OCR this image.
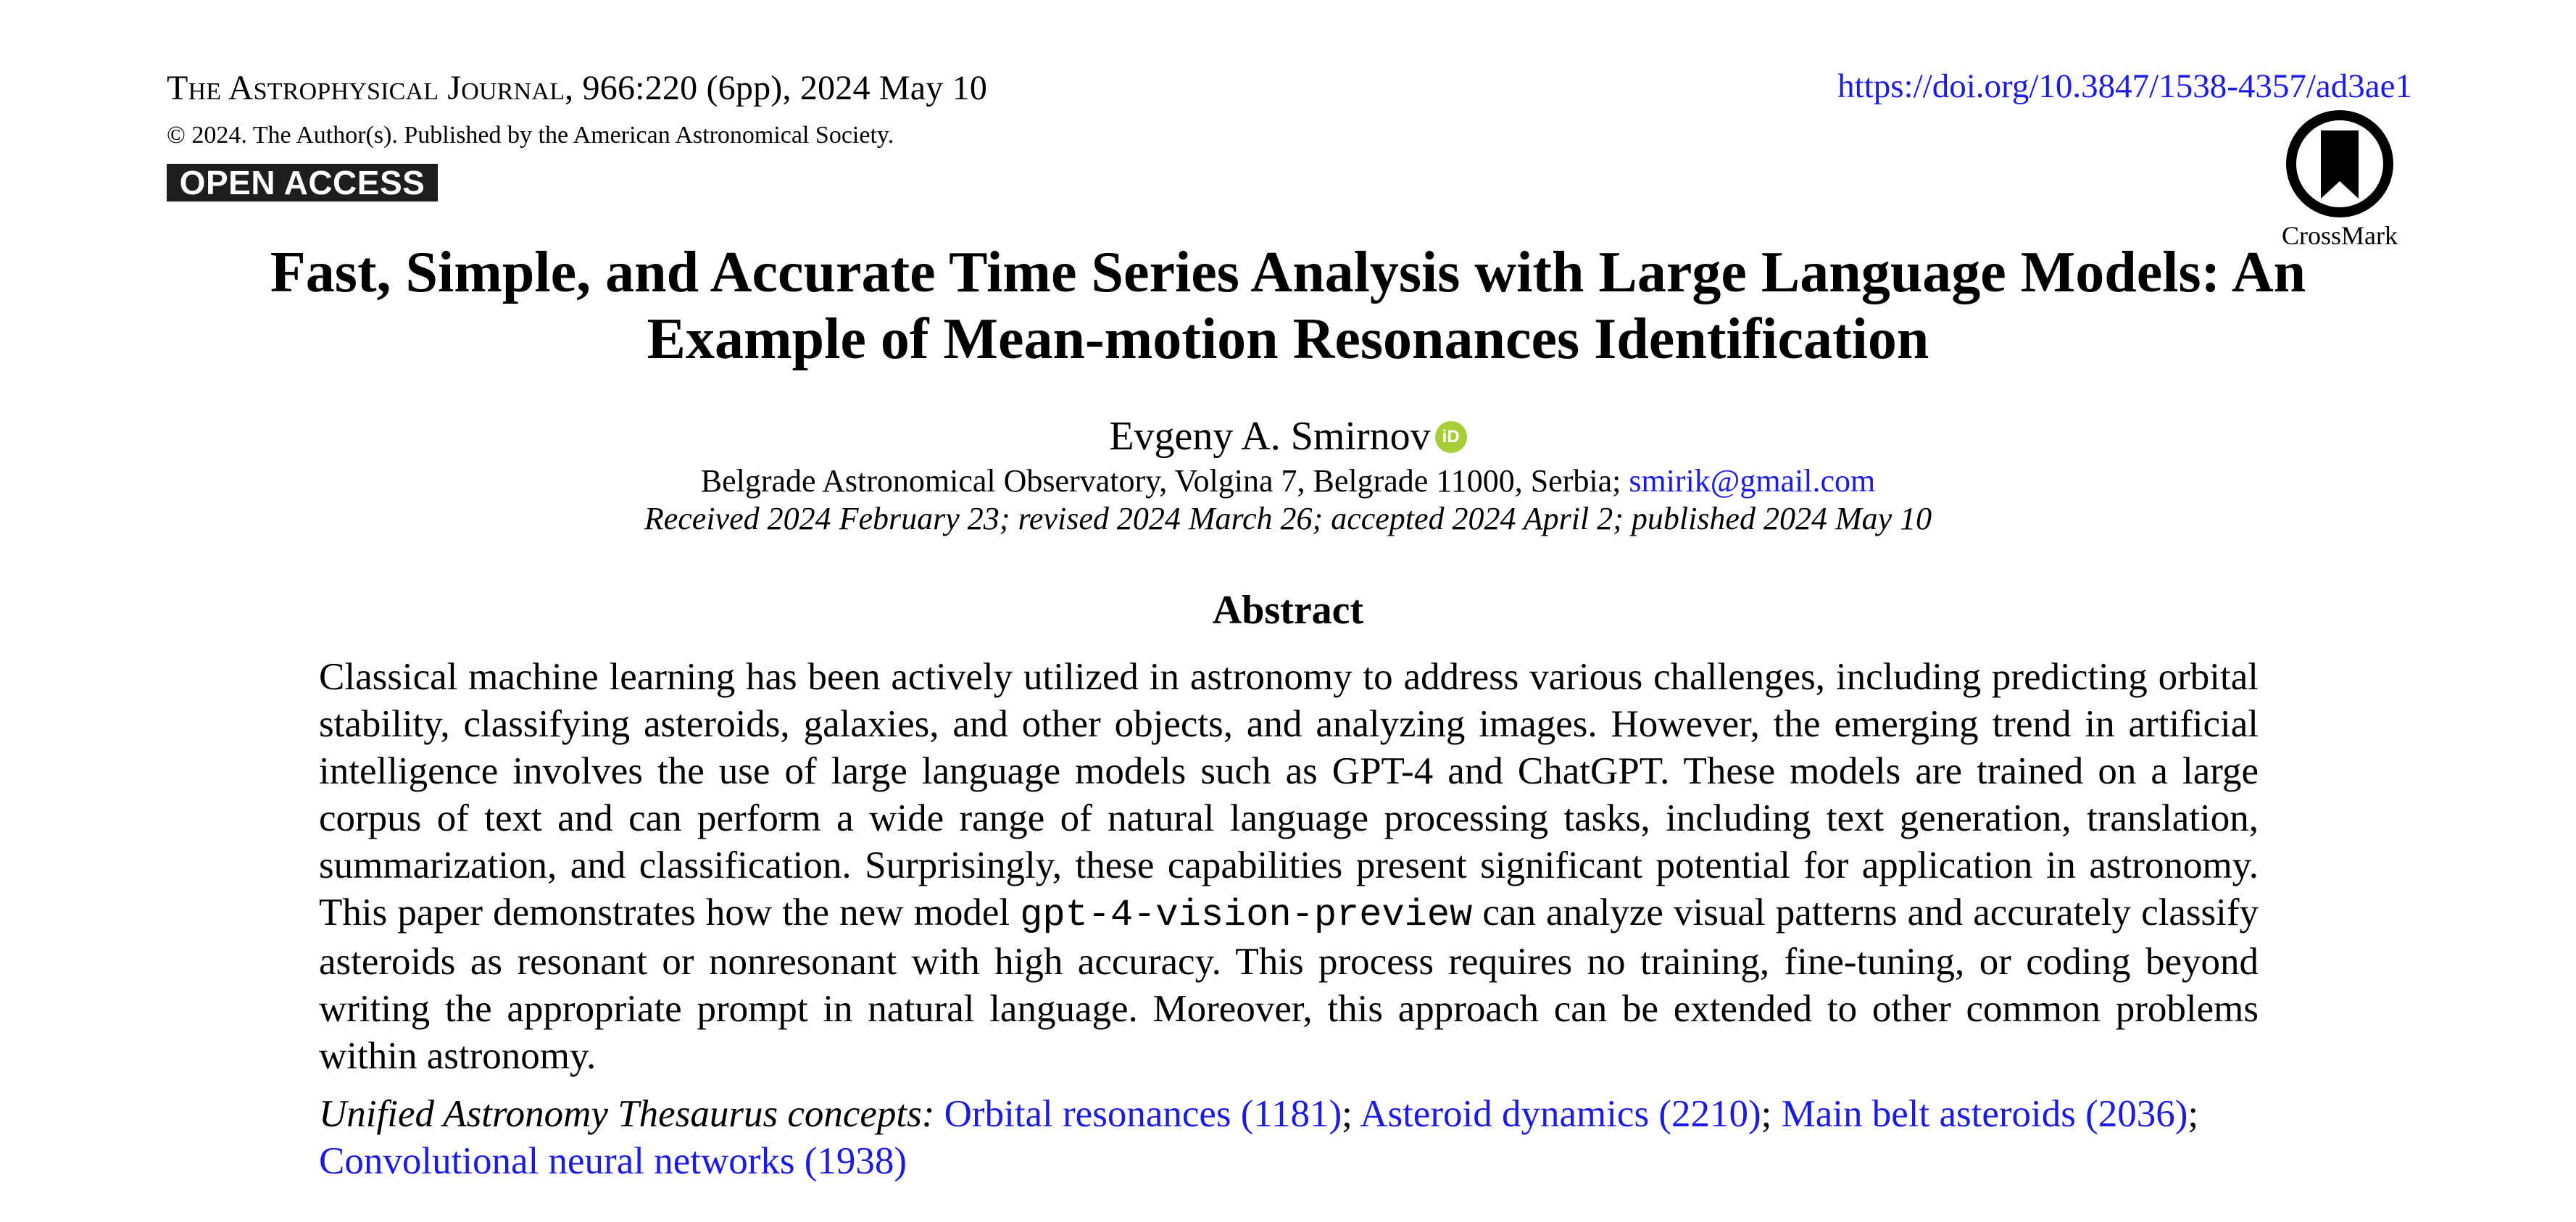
The Astrophysical Journal, 966:220 (6pp), 2024 May 10	https://doi.org/10.3847/1538-4357/ad3ae1
© 2024. The Author(s). Published by the American Astronomical Society.
OPEN ACCESS
CrossMark
Fast, Simple, and Accurate Time Series Analysis with Large Language Models: An
Example of Mean-motion Resonances Identification
Evgeny A. Smirnov iD
Belgrade Astronomical Observatory, Volgina 7, Belgrade 11000, Serbia; smirik@gmail.com
Received 2024 February 23; revised 2024 March 26; accepted 2024 April 2; published 2024 May 10
Abstract
Classical machine learning has been actively utilized in astronomy to address various challenges, including predicting orbital stability, classifying asteroids, galaxies, and other objects, and analyzing images. However, the emerging trend in artificial intelligence involves the use of large language models such as GPT-4 and ChatGPT. These models are trained on a large corpus of text and can perform a wide range of natural language processing tasks, including text generation, translation, summarization, and classification. Surprisingly, these capabilities present significant potential for application in astronomy. This paper demonstrates how the new model gpt-4-vision-preview can analyze visual patterns and accurately classify asteroids as resonant or nonresonant with high accuracy. This process requires no training, fine-tuning, or coding beyond writing the appropriate prompt in natural language. Moreover, this approach can be extended to other common problems within astronomy.
Unified Astronomy Thesaurus concepts: Orbital resonances (1181); Asteroid dynamics (2210); Main belt asteroids (2036); Convolutional neural networks (1938)
